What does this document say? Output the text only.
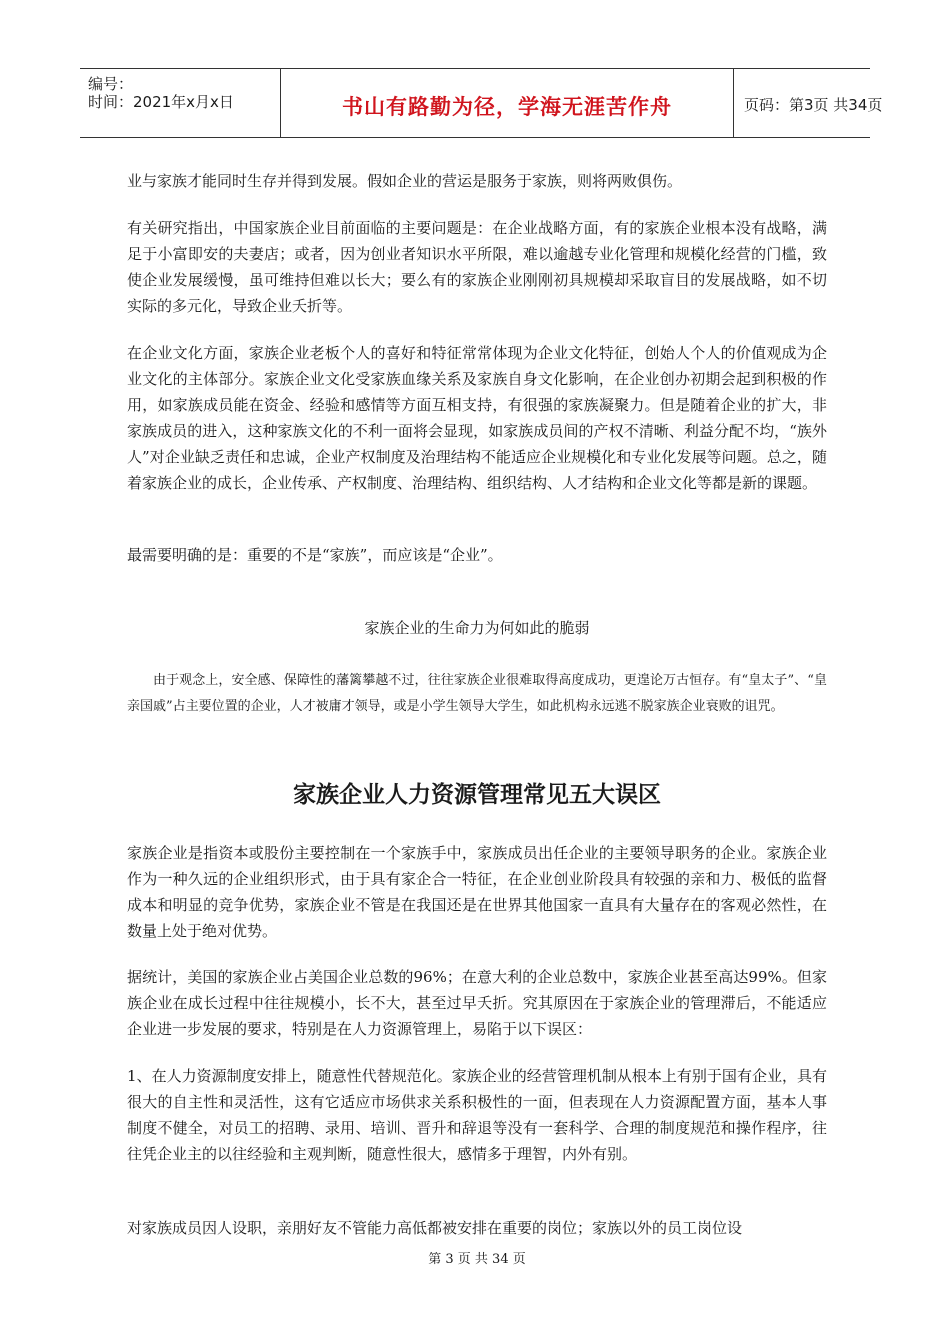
编号：
时间：2021年x月x日	书山有路勤为径，学海无涯苦作舟	页码：第3页 共34页

业与家族才能同时生存并得到发展。假如企业的营运是服务于家族，则将两败俱伤。

有关研究指出，中国家族企业目前面临的主要问题是：在企业战略方面，有的家族企业根本没有战略，满足于小富即安的夫妻店；或者，因为创业者知识水平所限，难以逾越专业化管理和规模化经营的门槛，致使企业发展缓慢，虽可维持但难以长大；要么有的家族企业刚刚初具规模却采取盲目的发展战略，如不切实际的多元化，导致企业夭折等。

在企业文化方面，家族企业老板个人的喜好和特征常常体现为企业文化特征，创始人个人的价值观成为企业文化的主体部分。家族企业文化受家族血缘关系及家族自身文化影响，在企业创办初期会起到积极的作用，如家族成员能在资金、经验和感情等方面互相支持，有很强的家族凝聚力。但是随着企业的扩大，非家族成员的进入，这种家族文化的不利一面将会显现，如家族成员间的产权不清晰、利益分配不均，“族外人”对企业缺乏责任和忠诚，企业产权制度及治理结构不能适应企业规模化和专业化发展等问题。总之，随着家族企业的成长，企业传承、产权制度、治理结构、组织结构、人才结构和企业文化等都是新的课题。

最需要明确的是：重要的不是“家族”，而应该是“企业”。

家族企业的生命力为何如此的脆弱
由于观念上，安全感、保障性的藩篱攀越不过，往往家族企业很难取得高度成功，更遑论万古恒存。有“皇太子”、“皇亲国戚”占主要位置的企业，人才被庸才领导，或是小学生领导大学生，如此机构永远逃不脱家族企业衰败的诅咒。
家族企业人力资源管理常见五大误区

家族企业是指资本或股份主要控制在一个家族手中，家族成员出任企业的主要领导职务的企业。家族企业作为一种久远的企业组织形式，由于具有家企合一特征，在企业创业阶段具有较强的亲和力、极低的监督成本和明显的竞争优势，家族企业不管是在我国还是在世界其他国家一直具有大量存在的客观必然性，在数量上处于绝对优势。

据统计，美国的家族企业占美国企业总数的96%；在意大利的企业总数中，家族企业甚至高达99%。但家族企业在成长过程中往往规模小，长不大，甚至过早夭折。究其原因在于家族企业的管理滞后，不能适应企业进一步发展的要求，特别是在人力资源管理上，易陷于以下误区：

1、在人力资源制度安排上，随意性代替规范化。家族企业的经营管理机制从根本上有别于国有企业，具有很大的自主性和灵活性，这有它适应市场供求关系积极性的一面，但表现在人力资源配置方面，基本人事制度不健全，对员工的招聘、录用、培训、晋升和辞退等没有一套科学、合理的制度规范和操作程序，往往凭企业主的以往经验和主观判断，随意性很大，感情多于理智，内外有别。

对家族成员因人设职，亲朋好友不管能力高低都被安排在重要的岗位；家族以外的员工岗位设

第 3 页 共 34 页
